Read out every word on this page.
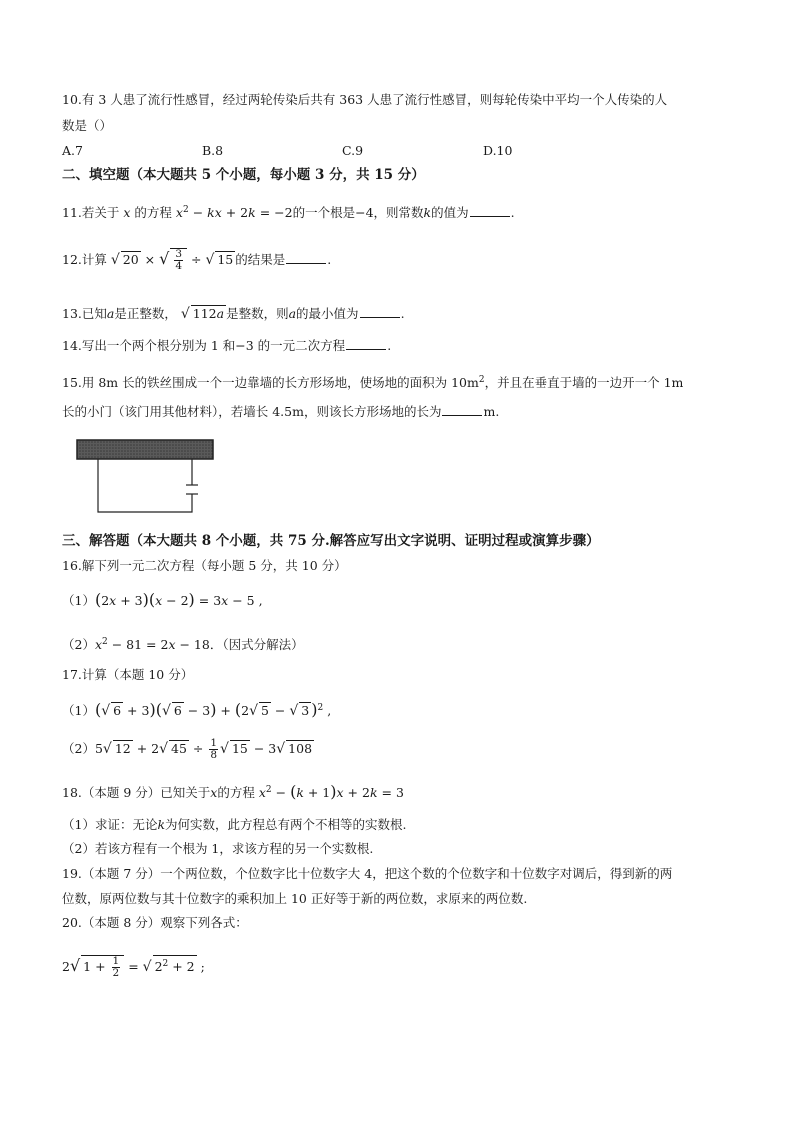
10.有 3 人患了流行性感冒，经过两轮传染后共有 363 人患了流行性感冒，则每轮传染中平均一个人传染的人
数是（）
A.7	B.8	C.9	D.10
二、填空题（本大题共 5 个小题，每小题 3 分，共 15 分）
11.若关于 x 的方程 $x^2$ − kx + 2k = −2的一个根是−4，则常数k的值为	.
12.计算 √ 20 × √ $\frac{3}{4}$ ÷ √ 15 的结果是	.
13.已知a是正整数， √ 112a 是整数，则a的最小值为	.
14.写出一个两个根分别为 1 和−3 的一元二次方程	.
15.用 8m 长的铁丝围成一个一边靠墙的长方形场地，使场地的面积为 $10m^2$，并且在垂直于墙的一边开一个 1m
长的小门（该门用其他材料），若墙长 4.5m，则该长方形场地的长为	m.
三、解答题（本大题共 8 个小题，共 75 分.解答应写出文字说明、证明过程或演算步骤）
16.解下列一元二次方程（每小题 5 分，共 10 分）
（1）(2x + 3)(x − 2) = 3x − 5 ,
$(2)x^2 - 81 = 2x - 18$．（因式分解法）
17.计算（本题 10 分）
（1）(√ 6 + 3)(√ 6 − 3) + (2√ 5 − √ 3 )$^2$ ,
（2）5√ 12 + 2√ $45 \div \frac{1}{8}$ √ 15 − 3√ 108
18.（本题 9 分）已知关于x的方程 $x^2 - (k + 1)x + 2k = 3$
（1）求证：无论k为何实数，此方程总有两个不相等的实数根.
（2）若该方程有一个根为 1，求该方程的另一个实数根.
19.（本题 7 分）一个两位数，个位数字比十位数字大 4，把这个数的个位数字和十位数字对调后，得到新的两
位数，原两位数与其十位数字的乘积加上 10 正好等于新的两位数，求原来的两位数.
20.（本题 8 分）观察下列各式：
2√ $1 + \frac{1}{2}$ = √ $2^2 + 2$ ;
